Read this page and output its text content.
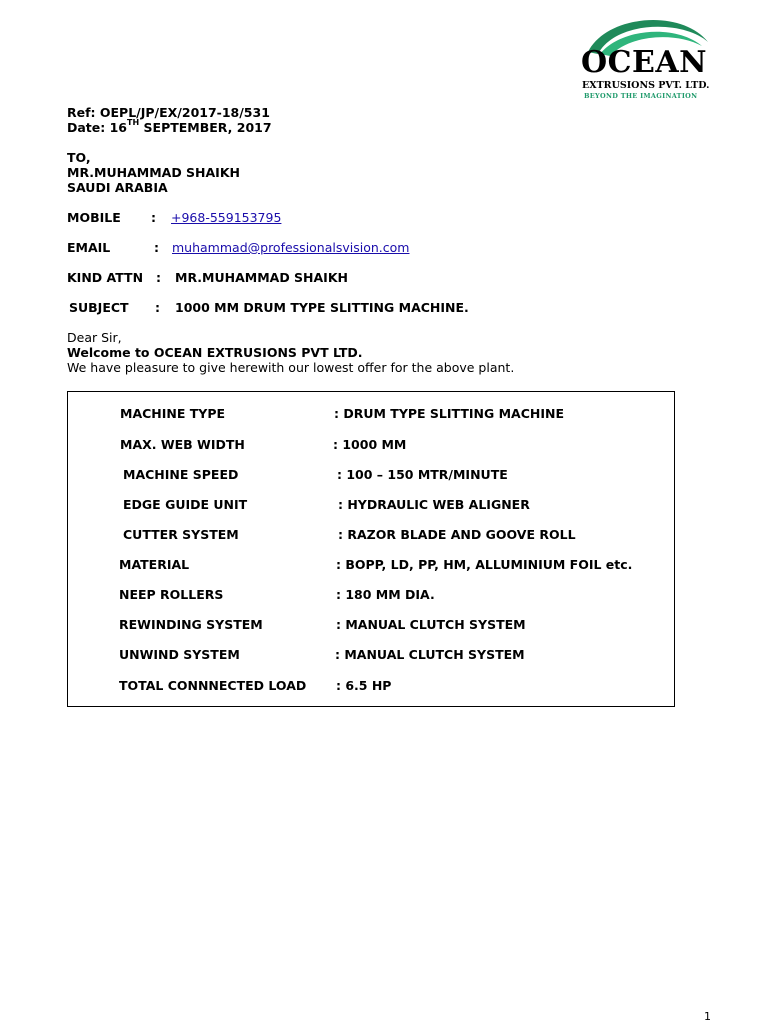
OCEAN
EXTRUSIONS PVT. LTD.
BEYOND THE IMAGINATION
Ref: OEPL/JP/EX/2017-18/531
Date: 16TH SEPTEMBER, 2017
TO,
MR.MUHAMMAD SHAIKH
SAUDI ARABIA
MOBILE : +968-559153795
EMAIL	: muhammad@professionalsvision.com
KIND ATTN : MR.MUHAMMAD SHAIKH
SUBJECT : 1000 MM DRUM TYPE SLITTING MACHINE.
Dear Sir,
Welcome to OCEAN EXTRUSIONS PVT LTD.
We have pleasure to give herewith our lowest offer for the above plant.
MACHINE TYPE	: DRUM TYPE SLITTING MACHINE
MAX. WEB WIDTH	: 1000 MM
MACHINE SPEED	: 100 – 150 MTR/MINUTE
EDGE GUIDE UNIT	: HYDRAULIC WEB ALIGNER
CUTTER SYSTEM	: RAZOR BLADE AND GOOVE ROLL
MATERIAL	: BOPP, LD, PP, HM, ALLUMINIUM FOIL etc.
NEEP ROLLERS	: 180 MM DIA.
REWINDING SYSTEM	: MANUAL CLUTCH SYSTEM
UNWIND SYSTEM	: MANUAL CLUTCH SYSTEM
TOTAL CONNNECTED LOAD : 6.5 HP
1
